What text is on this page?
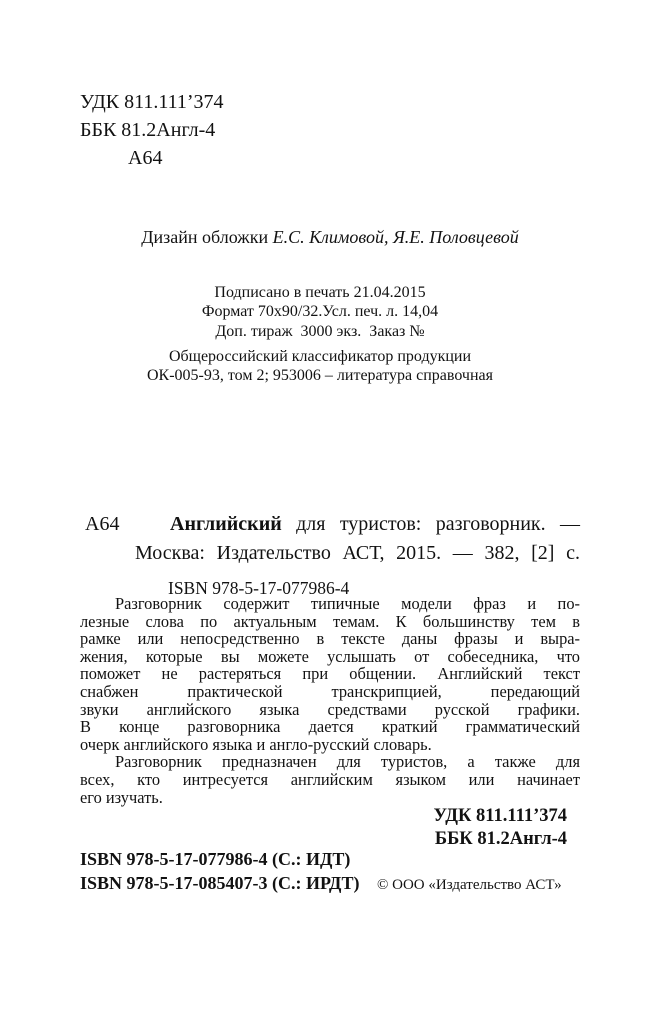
УДК 811.111’374
ББК 81.2Англ-4
А64
Дизайн обложки Е.С. Климовой, Я.Е. Половцевой
Подписано в печать 21.04.2015
Формат 70х90/32.Усл. печ. л. 14,04
Доп. тираж  3000 экз.  Заказ №
Общероссийский классификатор продукции
ОК-005-93, том 2; 953006 – литература справочная
А64	Английский для туристов: разговорник. —
Москва: Издательство АСТ, 2015. — 382, [2] с.
ISBN 978-5-17-077986-4
Разговорник содержит типичные модели фраз и по-
лезные слова по актуальным темам. К большинству тем в
рамке или непосредственно в тексте даны фразы и выра-
жения, которые вы можете услышать от собеседника, что
поможет не растеряться при общении. Английский текст
снабжен практической транскрипцией, передающий
звуки английского языка средствами русской графики.
В конце разговорника дается краткий грамматический
очерк английского языка и англо-русский словарь.
Разговорник предназначен для туристов, а также для
всех, кто интресуется английским языком или начинает
его изучать.
УДК 811.111’374
ББК 81.2Англ-4
ISBN 978-5-17-077986-4 (С.: ИДТ)
ISBN 978-5-17-085407-3 (С.: ИРДТ) © ООО «Издательство АСТ»
